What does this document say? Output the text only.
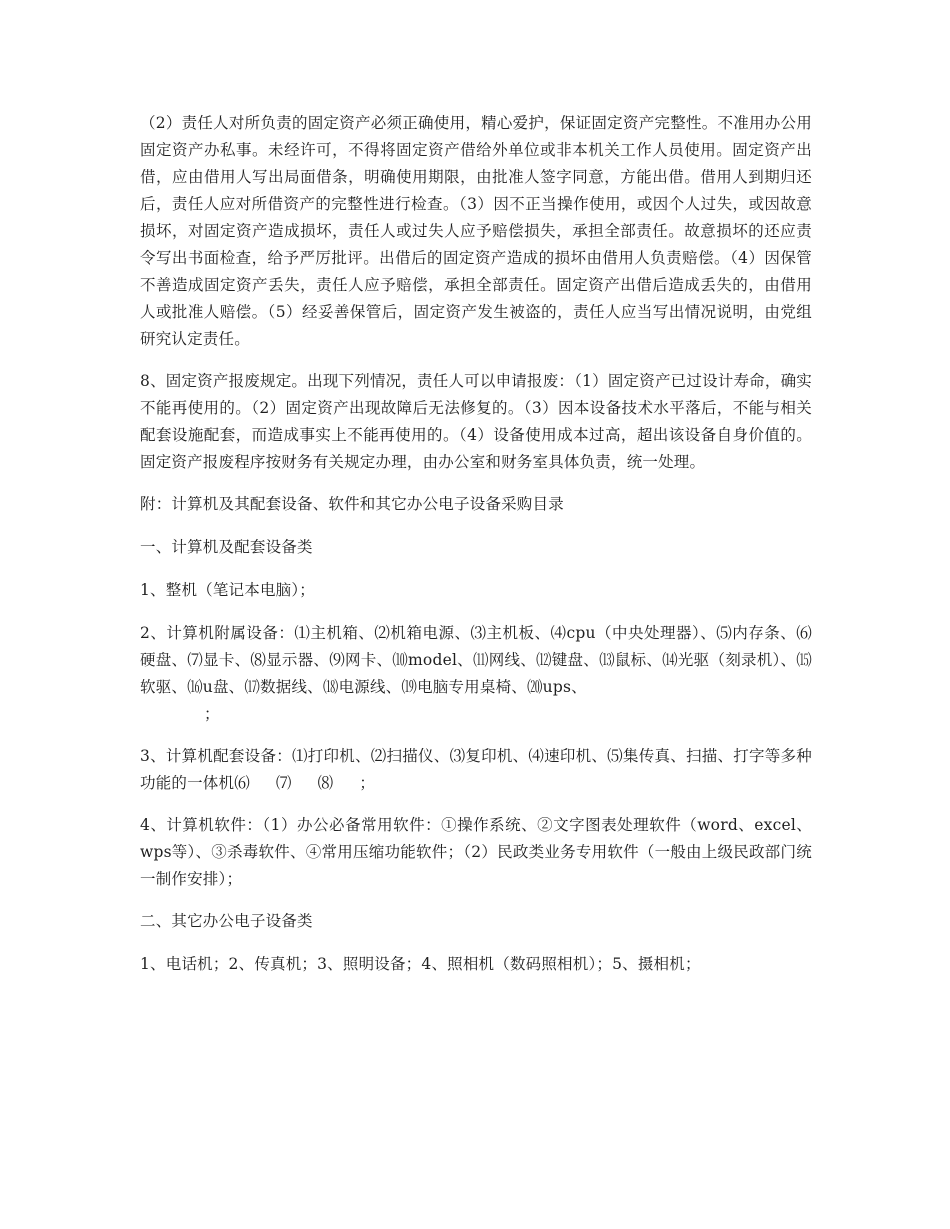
（2）责任人对所负责的固定资产必须正确使用，精心爱护，保证固定资产完整性。不准用办公用固定资产办私事。未经许可，不得将固定资产借给外单位或非本机关工作人员使用。固定资产出借，应由借用人写出局面借条，明确使用期限，由批准人签字同意，方能出借。借用人到期归还后，责任人应对所借资产的完整性进行检查。（3）因不正当操作使用，或因个人过失，或因故意损坏，对固定资产造成损坏，责任人或过失人应予赔偿损失，承担全部责任。故意损坏的还应责令写出书面检查，给予严厉批评。出借后的固定资产造成的损坏由借用人负责赔偿。（4）因保管不善造成固定资产丢失，责任人应予赔偿，承担全部责任。固定资产出借后造成丢失的，由借用人或批准人赔偿。（5）经妥善保管后，固定资产发生被盗的，责任人应当写出情况说明，由党组研究认定责任。

8、固定资产报废规定。出现下列情况，责任人可以申请报废：（1）固定资产已过设计寿命，确实不能再使用的。（2）固定资产出现故障后无法修复的。（3）因本设备技术水平落后，不能与相关配套设施配套，而造成事实上不能再使用的。（4）设备使用成本过高，超出该设备自身价值的。固定资产报废程序按财务有关规定办理，由办公室和财务室具体负责，统一处理。

附：计算机及其配套设备、软件和其它办公电子设备采购目录

一、计算机及配套设备类

1、整机（笔记本电脑）；

2、计算机附属设备：⑴主机箱、⑵机箱电源、⑶主机板、⑷cpu（中央处理器）、⑸内存条、⑹硬盘、⑺显卡、⑻显示器、⑼网卡、⑽model、⑾网线、⑿键盘、⒀鼠标、⒁光驱（刻录机）、⒂软驱、⒃u盘、⒄数据线、⒅电源线、⒆电脑专用桌椅、⒇ups、
；

3、计算机配套设备：⑴打印机、⑵扫描仪、⑶复印机、⑷速印机、⑸集传真、扫描、打字等多种功能的一体机⑹ ⑺ ⑻ ；

4、计算机软件：（1）办公必备常用软件：①操作系统、②文字图表处理软件（word、excel、wps等）、③杀毒软件、④常用压缩功能软件；（2）民政类业务专用软件（一般由上级民政部门统一制作安排）；

二、其它办公电子设备类

1、电话机；2、传真机；3、照明设备；4、照相机（数码照相机）；5、摄相机；
